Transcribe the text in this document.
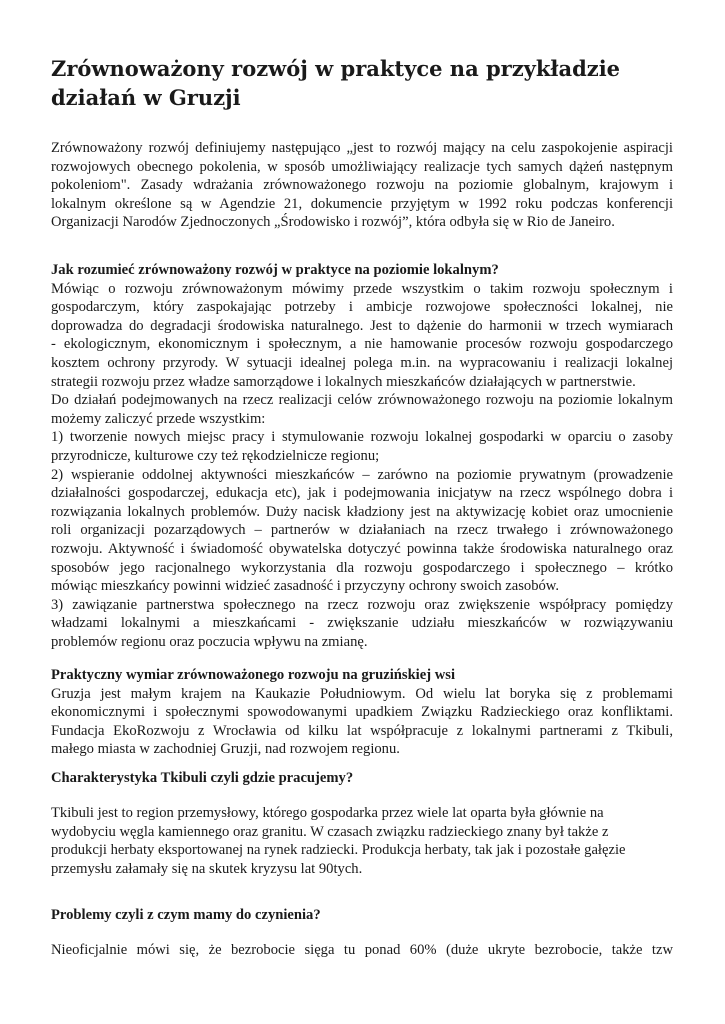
Zrównoważony rozwój w praktyce na przykładzie działań w Gruzji
Zrównoważony rozwój definiujemy następująco „jest to rozwój mający na celu zaspokojenie aspiracji
rozwojowych obecnego pokolenia, w sposób umożliwiający realizacje tych samych dążeń następnym
pokoleniom". Zasady wdrażania zrównoważonego rozwoju na poziomie globalnym, krajowym i
lokalnym określone są w Agendzie 21, dokumencie przyjętym w 1992 roku podczas konferencji
Organizacji Narodów Zjednoczonych „Środowisko i rozwój”, która odbyła się w Rio de Janeiro.

Jak rozumieć zrównoważony rozwój w praktyce na poziomie lokalnym?

Mówiąc o rozwoju zrównoważonym mówimy przede wszystkim o takim rozwoju społecznym i
gospodarczym, który zaspokajając potrzeby i ambicje rozwojowe społeczności lokalnej, nie
doprowadza do degradacji środowiska naturalnego. Jest to dążenie do harmonii w trzech wymiarach
- ekologicznym, ekonomicznym i społecznym, a nie hamowanie procesów rozwoju gospodarczego
kosztem ochrony przyrody. W sytuacji idealnej polega m.in. na wypracowaniu i realizacji lokalnej
strategii rozwoju przez władze samorządowe i lokalnych mieszkańców działających w partnerstwie.
Do działań podejmowanych na rzecz realizacji celów zrównoważonego rozwoju na poziomie lokalnym
możemy zaliczyć przede wszystkim:
1) tworzenie nowych miejsc pracy i stymulowanie rozwoju lokalnej gospodarki w oparciu o zasoby
przyrodnicze, kulturowe czy też rękodzielnicze regionu;
2) wspieranie oddolnej aktywności mieszkańców – zarówno na poziomie prywatnym (prowadzenie
działalności gospodarczej, edukacja etc), jak i podejmowania inicjatyw na rzecz wspólnego dobra i
rozwiązania lokalnych problemów. Duży nacisk kładziony jest na aktywizację kobiet oraz umocnienie
roli organizacji pozarządowych – partnerów w działaniach na rzecz trwałego i zrównoważonego
rozwoju. Aktywność i świadomość obywatelska dotyczyć powinna także środowiska naturalnego oraz
sposobów jego racjonalnego wykorzystania dla rozwoju gospodarczego i społecznego – krótko
mówiąc mieszkańcy powinni widzieć zasadność i przyczyny ochrony swoich zasobów.
3) zawiązanie partnerstwa społecznego na rzecz rozwoju oraz zwiększenie współpracy pomiędzy
władzami lokalnymi a mieszkańcami - zwiększanie udziału mieszkańców w rozwiązywaniu
problemów regionu oraz poczucia wpływu na zmianę.

Praktyczny wymiar zrównoważonego rozwoju na gruzińskiej wsi

Gruzja jest małym krajem na Kaukazie Południowym. Od wielu lat boryka się z problemami
ekonomicznymi i społecznymi spowodowanymi upadkiem Związku Radzieckiego oraz konfliktami.
Fundacja EkoRozwoju z Wrocławia od kilku lat współpracuje z lokalnymi partnerami z Tkibuli,
małego miasta w zachodniej Gruzji, nad rozwojem regionu.

Charakterystyka Tkibuli czyli gdzie pracujemy?

Tkibuli jest to region przemysłowy, którego gospodarka przez wiele lat oparta była głównie na
wydobyciu węgla kamiennego oraz granitu. W czasach związku radzieckiego znany był także z
produkcji herbaty eksportowanej na rynek radziecki. Produkcja herbaty, tak jak i pozostałe gałęzie
przemysłu załamały się na skutek kryzysu lat 90tych.

Problemy czyli z czym mamy do czynienia?

Nieoficjalnie mówi się, że bezrobocie sięga tu ponad 60% (duże ukryte bezrobocie, także tzw
